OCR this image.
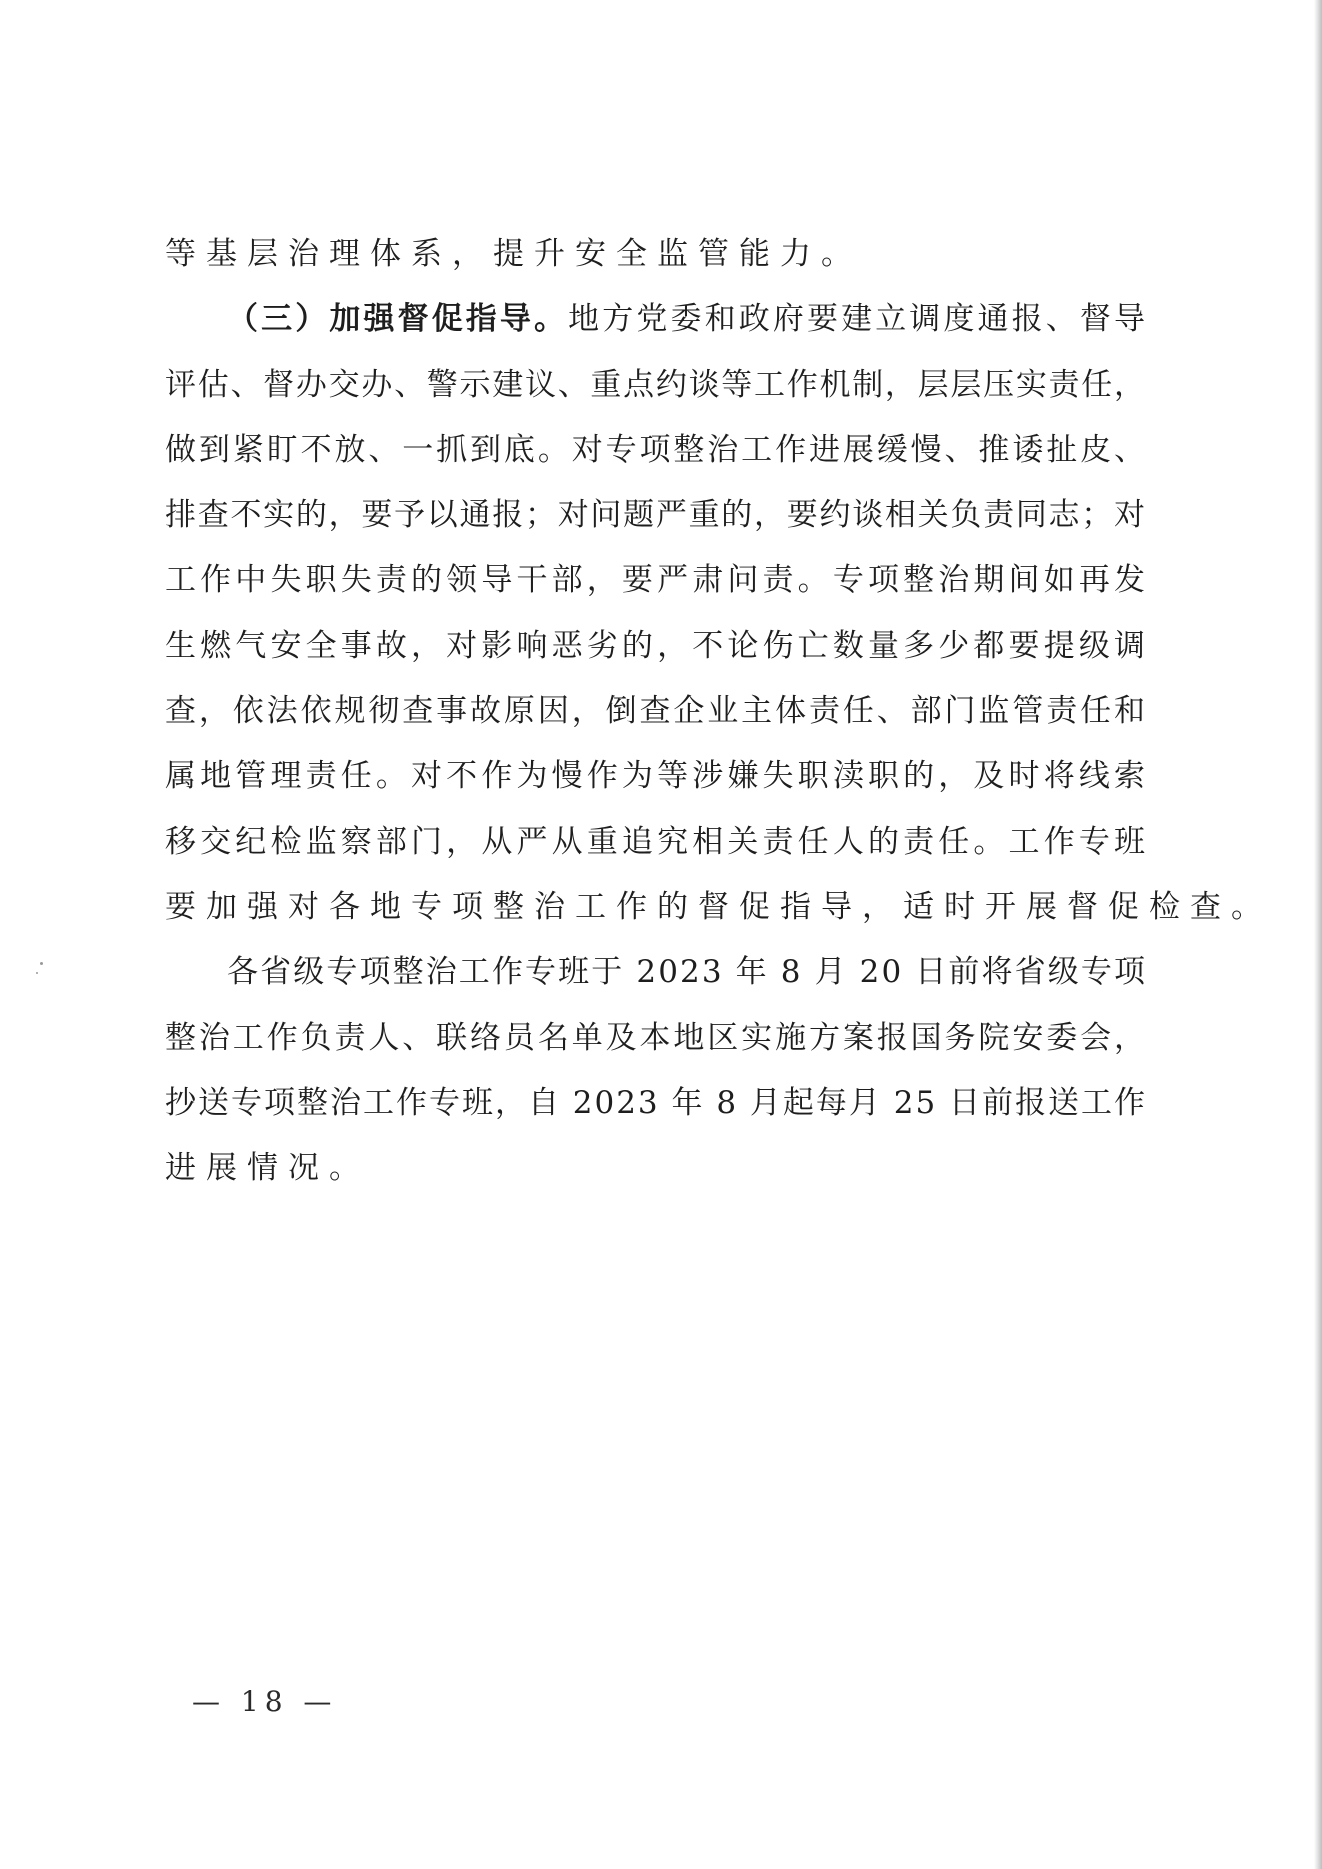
等基层治理体系，提升安全监管能力。
（三）加强督促指导。 地方党委和政府要建立调度通报、督导
评估、督办交办、警示建议、重点约谈等工作机制，层层压实责任，
做到紧盯不放、一抓到底。对专项整治工作进展缓慢、推诿扯皮、
排查不实的，要予以通报；对问题严重的，要约谈相关负责同志；对
工作中失职失责的领导干部，要严肃问责。专项整治期间如再发
生燃气安全事故，对影响恶劣的，不论伤亡数量多少都要提级调
查，依法依规彻查事故原因，倒查企业主体责任、部门监管责任和
属地管理责任。对不作为慢作为等涉嫌失职渎职的，及时将线索
移交纪检监察部门，从严从重追究相关责任人的责任。工作专班
要加强对各地专项整治工作的督促指导，适时开展督促检查。
各省级专项整治工作专班于 2023 年 8 月 20 日前将省级专项
整治工作负责人、联络员名单及本地区实施方案报国务院安委会，
抄送专项整治工作专班，自 2023 年 8 月起每月 25 日前报送工作
进展情况。
— 18 —
